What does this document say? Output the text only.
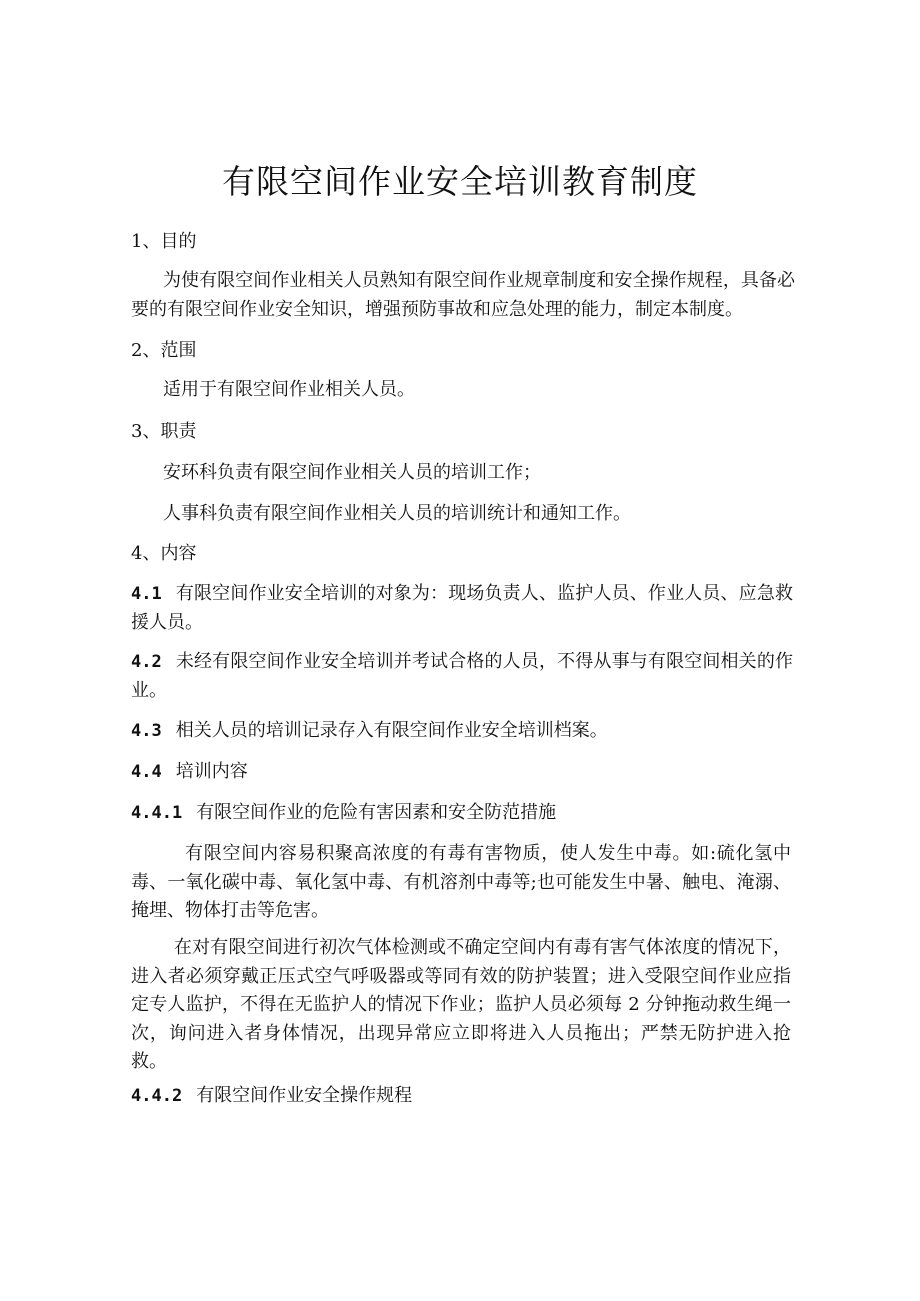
有限空间作业安全培训教育制度
1、目的
为使有限空间作业相关人员熟知有限空间作业规章制度和安全操作规程，具备必要的有限空间作业安全知识，增强预防事故和应急处理的能力，制定本制度。
2、范围
适用于有限空间作业相关人员。
3、职责
安环科负责有限空间作业相关人员的培训工作；
人事科负责有限空间作业相关人员的培训统计和通知工作。
4、内容
4.1 有限空间作业安全培训的对象为：现场负责人、监护人员、作业人员、应急救援人员。
4.2 未经有限空间作业安全培训并考试合格的人员，不得从事与有限空间相关的作业。
4.3 相关人员的培训记录存入有限空间作业安全培训档案。
4.4 培训内容
4.4.1 有限空间作业的危险有害因素和安全防范措施
有限空间内容易积聚高浓度的有毒有害物质，使人发生中毒。如:硫化氢中毒、一氧化碳中毒、氧化氢中毒、有机溶剂中毒等;也可能发生中暑、触电、淹溺、掩埋、物体打击等危害。
在对有限空间进行初次气体检测或不确定空间内有毒有害气体浓度的情况下，进入者必须穿戴正压式空气呼吸器或等同有效的防护装置；进入受限空间作业应指定专人监护，不得在无监护人的情况下作业；监护人员必须每 2 分钟拖动救生绳一次，询问进入者身体情况，出现异常应立即将进入人员拖出；严禁无防护进入抢救。
4.4.2 有限空间作业安全操作规程
